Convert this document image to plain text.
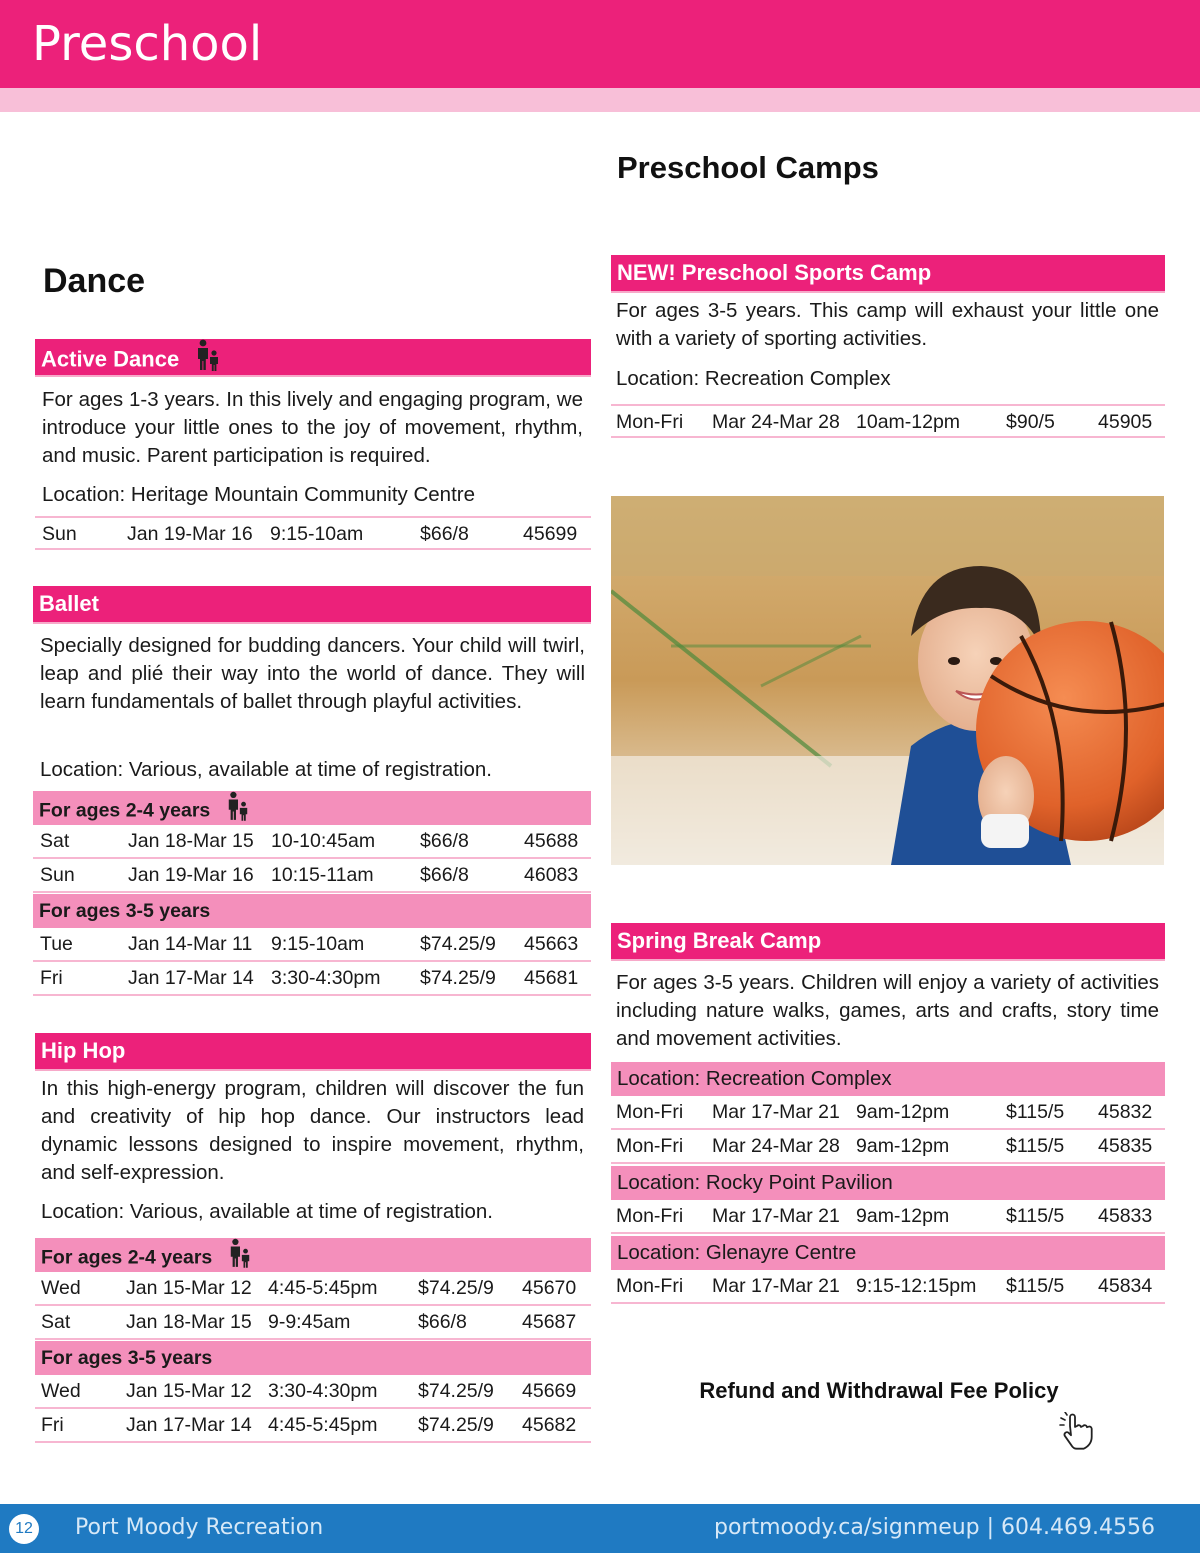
Preschool
Dance
Active Dance
For ages 1-3 years. In this lively and engaging program, we introduce your little ones to the joy of movement, rhythm, and music. Parent participation is required.
Location: Heritage Mountain Community Centre
Sun	Jan 19-Mar 16 9:15-10am	$66/8	45699
Ballet
Specially designed for budding dancers. Your child will twirl, leap and plié their way into the world of dance. They will learn fundamentals of ballet through playful activities.
Location: Various, available at time of registration.
For ages 2-4 years
Sat	Jan 18-Mar 15 10-10:45am $66/8	45688
Sun	Jan 19-Mar 16 10:15-11am $66/8	46083
For ages 3-5 years
Tue	Jan 14-Mar 11 9:15-10am	$74.25/9 45663
Fri	Jan 17-Mar 14 3:30-4:30pm $74.25/9 45681
Hip Hop
In this high-energy program, children will discover the fun and creativity of hip hop dance. Our instructors lead dynamic lessons designed to inspire movement, rhythm, and self-expression.
Location: Various, available at time of registration.
For ages 2-4 years
Wed Jan 15-Mar 12 4:45-5:45pm $74.25/9 45670
Sat	Jan 18-Mar 15 9-9:45am	$66/8	45687
For ages 3-5 years
Wed Jan 15-Mar 12 3:30-4:30pm $74.25/9 45669
Fri	Jan 17-Mar 14 4:45-5:45pm $74.25/9 45682
Preschool Camps
NEW! Preschool Sports Camp
For ages 3-5 years. This camp will exhaust your little one with a variety of sporting activities.
Location: Recreation Complex
Mon-Fri Mar 24-Mar 28 10am-12pm $90/5 45905
Spring Break Camp
For ages 3-5 years. Children will enjoy a variety of activities including nature walks, games, arts and crafts, story time and movement activities.
Location: Recreation Complex
Mon-Fri Mar 17-Mar 21 9am-12pm	$115/5 45832
Mon-Fri Mar 24-Mar 28 9am-12pm	$115/5 45835
Location: Rocky Point Pavilion
Mon-Fri Mar 17-Mar 21 9am-12pm	$115/5 45833
Location: Glenayre Centre
Mon-Fri Mar 17-Mar 21 9:15-12:15pm $115/5 45834
Refund and Withdrawal Fee Policy
12 Port Moody Recreation	portmoody.ca/signmeup | 604.469.4556
